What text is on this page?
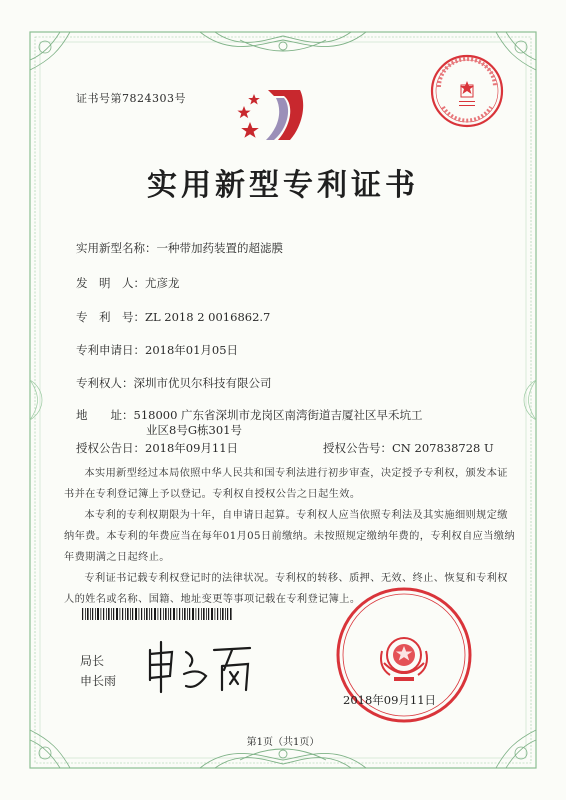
证书号第7824303号
实用新型专利证书
实用新型名称：一种带加药装置的超滤膜
发　明　人：尤彦龙
专　利　号：ZL 2018 2 0016862.7
专利申请日：2018年01月05日
专利权人：深圳市优贝尔科技有限公司
地　　址：518000 广东省深圳市龙岗区南湾街道吉厦社区早禾坑工
业区8号G栋301号
授权公告日：2018年09月11日	授权公告号：CN 207838728 U
本实用新型经过本局依照中华人民共和国专利法进行初步审查，决定授予专利权，颁发本证书并在专利登记簿上予以登记。专利权自授权公告之日起生效。
本专利的专利权期限为十年，自申请日起算。专利权人应当依照专利法及其实施细则规定缴纳年费。本专利的年费应当在每年01月05日前缴纳。未按照规定缴纳年费的，专利权自应当缴纳年费期满之日起终止。
专利证书记载专利权登记时的法律状况。专利权的转移、质押、无效、终止、恢复和专利权人的姓名或名称、国籍、地址变更等事项记载在专利登记簿上。
局长
申长雨
2018年09月11日
第1页（共1页）
